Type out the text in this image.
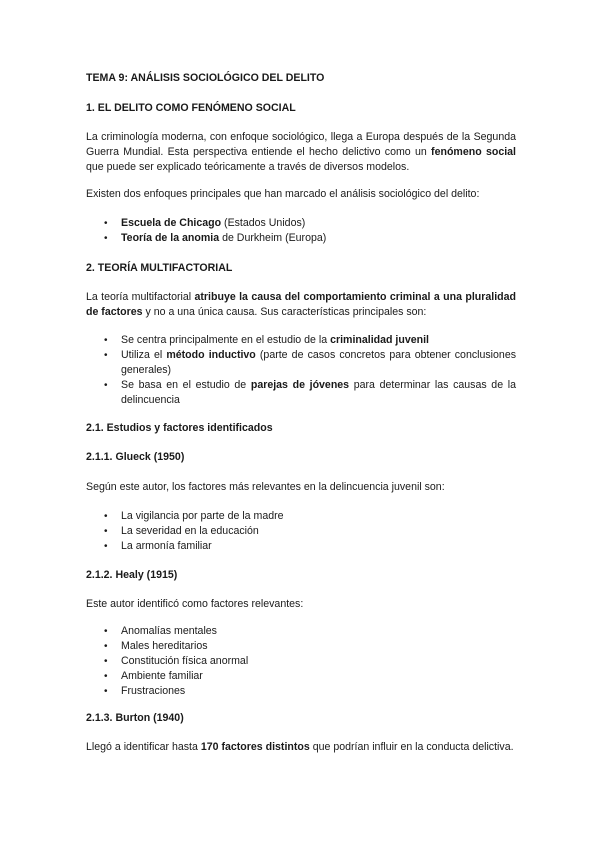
TEMA 9: ANÁLISIS SOCIOLÓGICO DEL DELITO

1. EL DELITO COMO FENÓMENO SOCIAL

La criminología moderna, con enfoque sociológico, llega a Europa después de la Segunda Guerra Mundial. Esta perspectiva entiende el hecho delictivo como un fenómeno social que puede ser explicado teóricamente a través de diversos modelos.

Existen dos enfoques principales que han marcado el análisis sociológico del delito:

• Escuela de Chicago (Estados Unidos)
• Teoría de la anomia de Durkheim (Europa)

2. TEORÍA MULTIFACTORIAL

La teoría multifactorial atribuye la causa del comportamiento criminal a una pluralidad de factores y no a una única causa. Sus características principales son:

• Se centra principalmente en el estudio de la criminalidad juvenil
• Utiliza el método inductivo (parte de casos concretos para obtener conclusiones generales)
• Se basa en el estudio de parejas de jóvenes para determinar las causas de la delincuencia

2.1. Estudios y factores identificados

2.1.1. Glueck (1950)

Según este autor, los factores más relevantes en la delincuencia juvenil son:

• La vigilancia por parte de la madre
• La severidad en la educación
• La armonía familiar

2.1.2. Healy (1915)

Este autor identificó como factores relevantes:

• Anomalías mentales
• Males hereditarios
• Constitución física anormal
• Ambiente familiar
• Frustraciones

2.1.3. Burton (1940)

Llegó a identificar hasta 170 factores distintos que podrían influir en la conducta delictiva.
